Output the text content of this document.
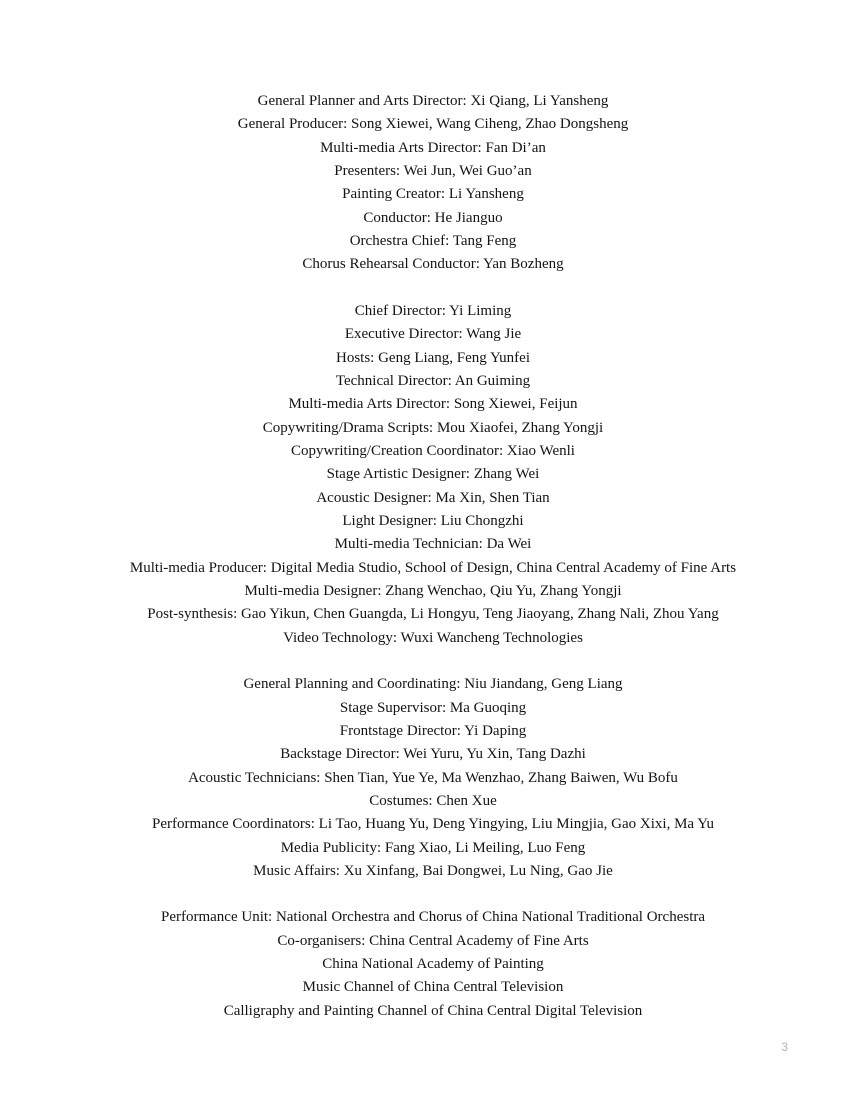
General Planner and Arts Director: Xi Qiang, Li Yansheng
General Producer: Song Xiewei, Wang Ciheng, Zhao Dongsheng
Multi-media Arts Director: Fan Di’an
Presenters: Wei Jun, Wei Guo’an
Painting Creator: Li Yansheng
Conductor: He Jianguo
Orchestra Chief: Tang Feng
Chorus Rehearsal Conductor: Yan Bozheng
Chief Director: Yi Liming
Executive Director: Wang Jie
Hosts: Geng Liang, Feng Yunfei
Technical Director: An Guiming
Multi-media Arts Director: Song Xiewei, Feijun
Copywriting/Drama Scripts: Mou Xiaofei, Zhang Yongji
Copywriting/Creation Coordinator: Xiao Wenli
Stage Artistic Designer: Zhang Wei
Acoustic Designer: Ma Xin, Shen Tian
Light Designer: Liu Chongzhi
Multi-media Technician: Da Wei
Multi-media Producer: Digital Media Studio, School of Design, China Central Academy of Fine Arts
Multi-media Designer: Zhang Wenchao, Qiu Yu, Zhang Yongji
Post-synthesis: Gao Yikun, Chen Guangda, Li Hongyu, Teng Jiaoyang, Zhang Nali, Zhou Yang
Video Technology: Wuxi Wancheng Technologies
General Planning and Coordinating: Niu Jiandang, Geng Liang
Stage Supervisor: Ma Guoqing
Frontstage Director: Yi Daping
Backstage Director: Wei Yuru, Yu Xin, Tang Dazhi
Acoustic Technicians: Shen Tian, Yue Ye, Ma Wenzhao, Zhang Baiwen, Wu Bofu
Costumes: Chen Xue
Performance Coordinators: Li Tao, Huang Yu, Deng Yingying, Liu Mingjia, Gao Xixi, Ma Yu
Media Publicity: Fang Xiao, Li Meiling, Luo Feng
Music Affairs: Xu Xinfang, Bai Dongwei, Lu Ning, Gao Jie
Performance Unit: National Orchestra and Chorus of China National Traditional Orchestra
Co-organisers: China Central Academy of Fine Arts
China National Academy of Painting
Music Channel of China Central Television
Calligraphy and Painting Channel of China Central Digital Television
3
